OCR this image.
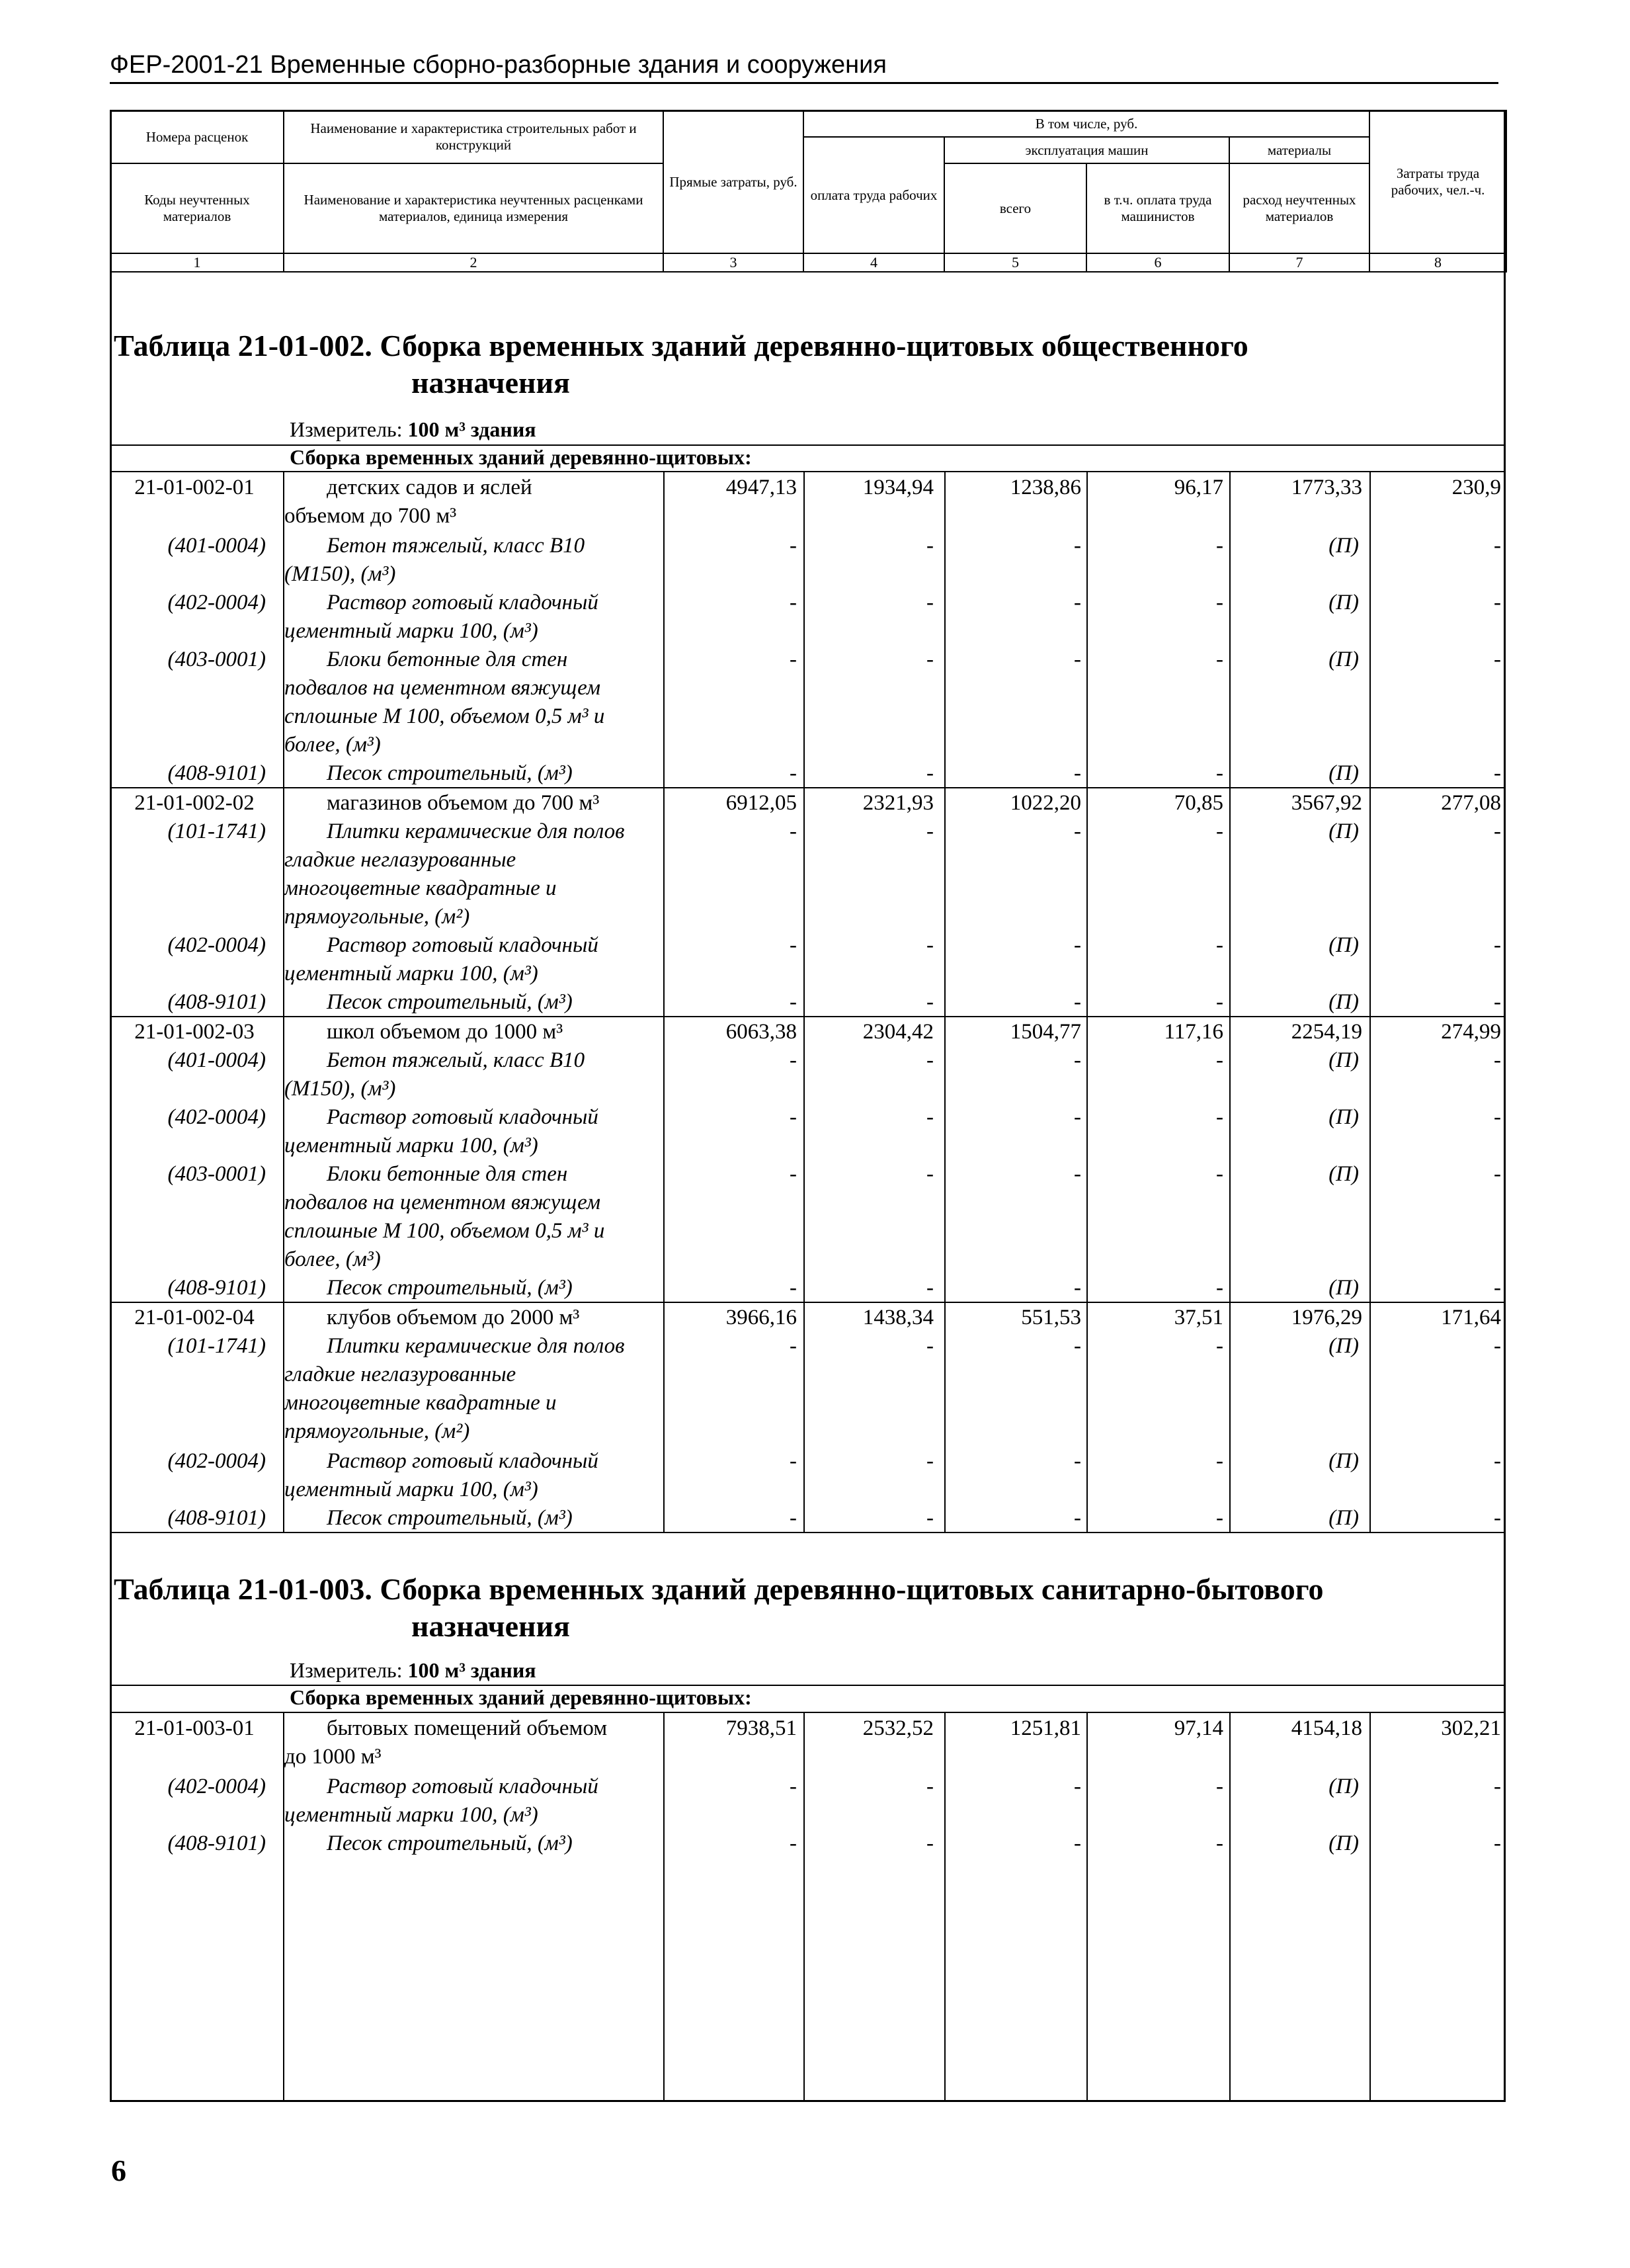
ФЕР-2001-21 Временные сборно-разборные здания и сооружения
Номера расценок	Наименование и характеристика строительных работ и конструкций	Прямые затраты, руб.	В том числе, руб.				Затраты труда рабочих, чел.-ч.
			оплата труда рабочих	эксплуатация машин		материалы	
Коды неучтенных материалов	Наименование и характеристика неучтенных расценками материалов, единица измерения			всего	в т.ч. оплата труда машинистов	расход неучтенных материалов	

1	2	3	4	5	6	7	8
Таблица 21-01-002. Сборка временных зданий деревянно-щитовых общественного
назначения
Измеритель: 100 м³ здания
Сборка временных зданий деревянно-щитовых:
21-01-002-01	детских садов и яслей
объемом до 700 м³
4947,13	1934,94	1238,86	96,17	1773,33	230,9
(401-0004)	Бетон тяжелый, класс В10
(М150), (м³)
-	-	-	-	(П)	-
(402-0004)	Раствор готовый кладочный
цементный марки 100, (м³)
-	-	-	-	(П)	-
(403-0001)	Блоки бетонные для стен
подвалов на цементном вяжущем
сплошные М 100, объемом 0,5 м³ и
более, (м³)
-	-	-	-	(П)	-
(408-9101)	Песок строительный, (м³)	-	-	-	-	(П)	-
21-01-002-02	магазинов объемом до 700 м³	6912,05	2321,93	1022,20	70,85	3567,92	277,08
(101-1741)	Плитки керамические для полов
гладкие неглазурованные
многоцветные квадратные и
прямоугольные, (м²)
-	-	-	-	(П)	-
(402-0004)	Раствор готовый кладочный
цементный марки 100, (м³)
-	-	-	-	(П)	-
(408-9101)	Песок строительный, (м³)	-	-	-	-	(П)	-
21-01-002-03	школ объемом до 1000 м³	6063,38	2304,42	1504,77	117,16	2254,19	274,99
(401-0004)	Бетон тяжелый, класс В10
(М150), (м³)
-	-	-	-	(П)	-
(402-0004)	Раствор готовый кладочный
цементный марки 100, (м³)
-	-	-	-	(П)	-
(403-0001)	Блоки бетонные для стен
подвалов на цементном вяжущем
сплошные М 100, объемом 0,5 м³ и
более, (м³)
-	-	-	-	(П)	-
(408-9101)	Песок строительный, (м³)	-	-	-	-	(П)	-
21-01-002-04	клубов объемом до 2000 м³	3966,16	1438,34	551,53	37,51	1976,29	171,64
(101-1741)	Плитки керамические для полов
гладкие неглазурованные
многоцветные квадратные и
прямоугольные, (м²)
-	-	-	-	(П)	-
(402-0004)	Раствор готовый кладочный
цементный марки 100, (м³)
-	-	-	-	(П)	-
(408-9101)	Песок строительный, (м³)	-	-	-	-	(П)	-
Таблица 21-01-003. Сборка временных зданий деревянно-щитовых санитарно-бытового
назначения
Измеритель: 100 м³ здания
Сборка временных зданий деревянно-щитовых:
21-01-003-01	бытовых помещений объемом
до 1000 м³
7938,51	2532,52	1251,81	97,14	4154,18	302,21
(402-0004)	Раствор готовый кладочный
цементный марки 100, (м³)
-	-	-	-	(П)	-
(408-9101)	Песок строительный, (м³)	-	-	-	-	(П)	-
6
